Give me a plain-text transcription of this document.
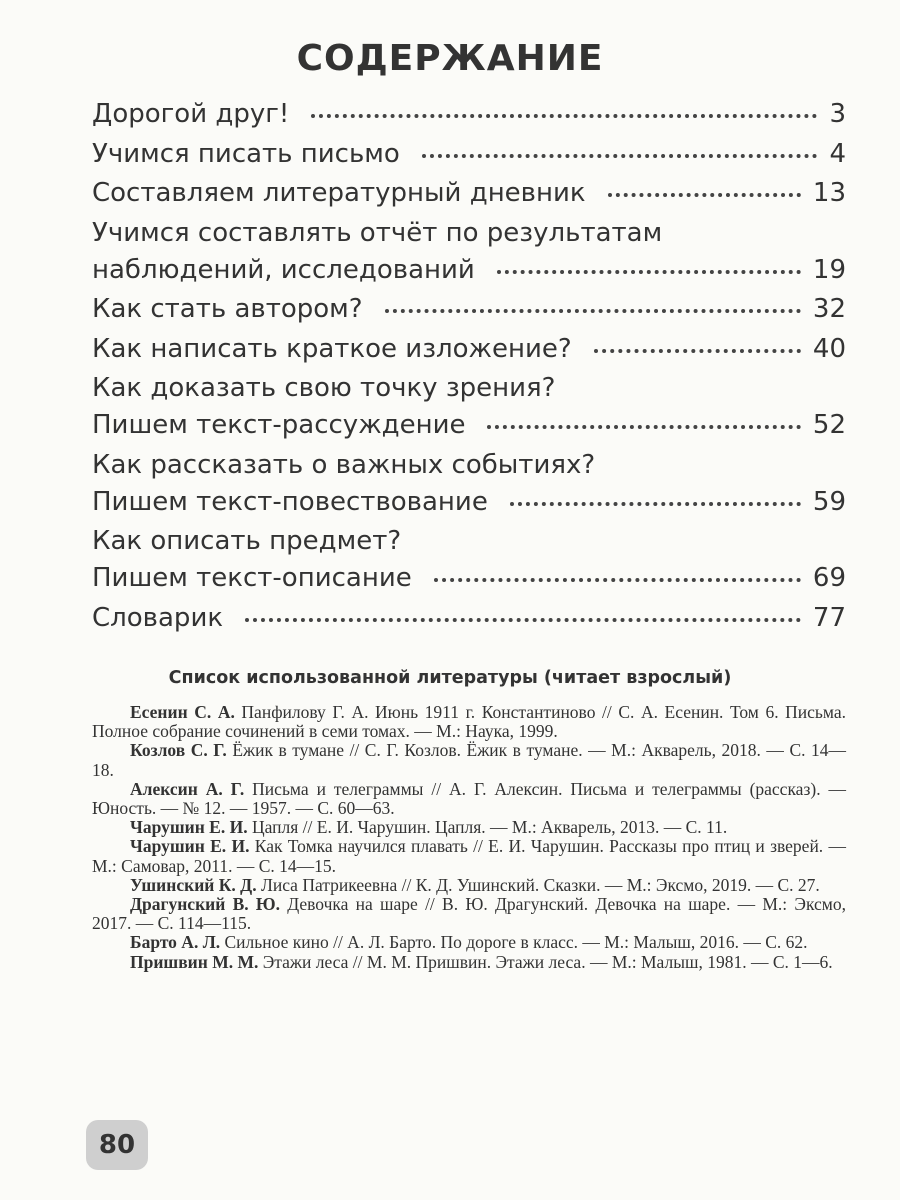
СОДЕРЖАНИЕ
Дорогой друг!	3
Учимся писать письмо	4
Составляем литературный дневник	13
Учимся составлять отчёт по результатам
наблюдений, исследований	19
Как стать автором?	32
Как написать краткое изложение?	40
Как доказать свою точку зрения?
Пишем текст-рассуждение	52
Как рассказать о важных событиях?
Пишем текст-повествование	59
Как описать предмет?
Пишем текст-описание	69
Словарик	77
Список использованной литературы (читает взрослый)

Есенин С. А. Панфилову Г. А. Июнь 1911 г. Константиново // С. А. Есенин. Том 6. Письма. Полное собрание сочинений в семи томах. — М.: Наука, 1999.

Козлов С. Г. Ёжик в тумане // С. Г. Козлов. Ёжик в тумане. — М.: Акварель, 2018. — С. 14—18.

Алексин А. Г. Письма и телеграммы // А. Г. Алексин. Письма и телеграммы (рассказ). — Юность. — № 12. — 1957. — С. 60—63.

Чарушин Е. И. Цапля // Е. И. Чарушин. Цапля. — М.: Акварель, 2013. — С. 11.

Чарушин Е. И. Как Томка научился плавать // Е. И. Чарушин. Рассказы про птиц и зверей. — М.: Самовар, 2011. — С. 14—15.

Ушинский К. Д. Лиса Патрикеевна // К. Д. Ушинский. Сказки. — М.: Эксмо, 2019. — С. 27.

Драгунский В. Ю. Девочка на шаре // В. Ю. Драгунский. Девочка на шаре. — М.: Эксмо, 2017. — С. 114—115.

Барто А. Л. Сильное кино // А. Л. Барто. По дороге в класс. — М.: Малыш, 2016. — С. 62.

Пришвин М. М. Этажи леса // М. М. Пришвин. Этажи леса. — М.: Малыш, 1981. — С. 1—6.

80
